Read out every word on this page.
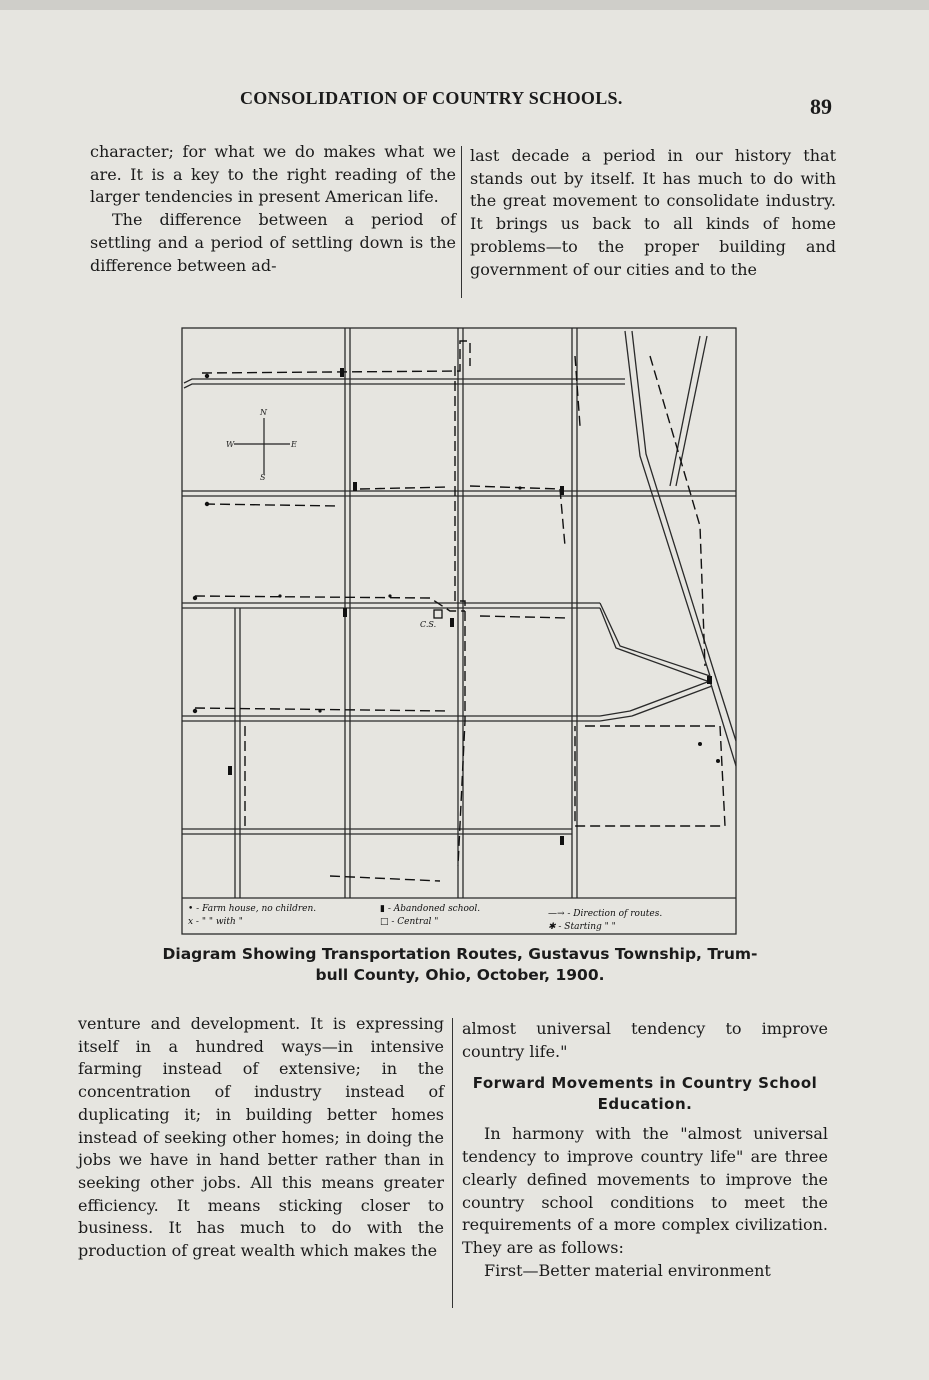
CONSOLIDATION OF COUNTRY SCHOOLS.	89

character; for what we do makes what we are. It is a key to the right reading of the larger tendencies in present American life.

The difference between a period of settling and a period of settling down is the difference between ad-

last decade a period in our history that stands out by itself. It has much to do with the great movement to consolidate industry. It brings us back to all kinds of home problems—to the proper building and government of our cities and to the

C.S.
N
W	E
S
• - Farm house, no children.
x - " " with "
▮ - Abandoned school.
□ - Central "
—→ - Direction of routes.
✱ - Starting " "
Diagram Showing Transportation Routes, Gustavus Township, Trum-
bull County, Ohio, October, 1900.

venture and development. It is expressing itself in a hundred ways—in intensive farming instead of extensive; in the concentration of industry instead of duplicating it; in building better homes instead of seeking other homes; in doing the jobs we have in hand better rather than in seeking other jobs. All this means greater efficiency. It means sticking closer to business. It has much to do with the production of great wealth which makes the

almost universal tendency to improve country life."

Forward Movements in Country School Education.

In harmony with the "almost universal tendency to improve country life" are three clearly defined movements to improve the country school conditions to meet the requirements of a more complex civilization. They are as follows:

First—Better material environment
